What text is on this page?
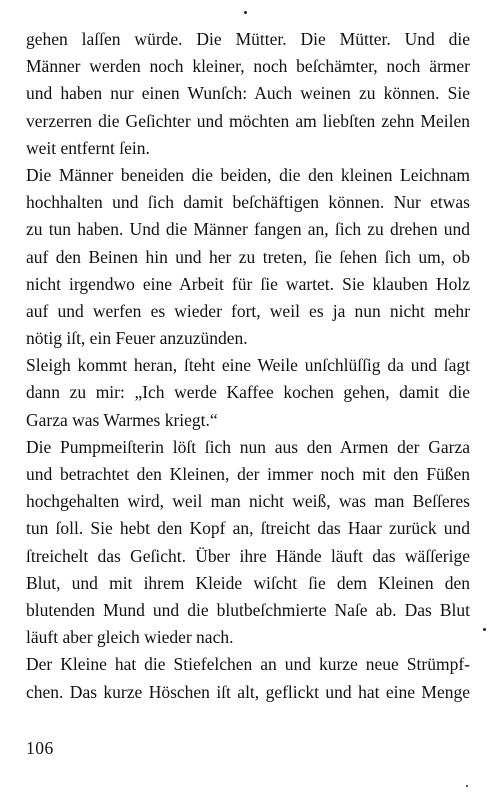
gehen laſſen würde. Die Mütter. Die Mütter. Und die
Männer werden noch kleiner, noch beſchämter, noch ärmer
und haben nur einen Wunſch: Auch weinen zu können. Sie
verzerren die Geſichter und möchten am liebſten zehn Meilen
weit entfernt ſein.
Die Männer beneiden die beiden, die den kleinen Leichnam
hochhalten und ſich damit beſchäftigen können. Nur etwas
zu tun haben. Und die Männer fangen an, ſich zu drehen und
auf den Beinen hin und her zu treten, ſie ſehen ſich um, ob
nicht irgendwo eine Arbeit für ſie wartet. Sie klauben Holz
auf und werfen es wieder fort, weil es ja nun nicht mehr
nötig iſt, ein Feuer anzuzünden.
Sleigh kommt heran, ſteht eine Weile unſchlüſſig da und ſagt
dann zu mir: „Ich werde Kaffee kochen gehen, damit die
Garza was Warmes kriegt.“
Die Pumpmeiſterin löſt ſich nun aus den Armen der Garza
und betrachtet den Kleinen, der immer noch mit den Füßen
hochgehalten wird, weil man nicht weiß, was man Beſſeres
tun ſoll. Sie hebt den Kopf an, ſtreicht das Haar zurück und
ſtreichelt das Geſicht. Über ihre Hände läuft das wäſſerige
Blut, und mit ihrem Kleide wiſcht ſie dem Kleinen den
blutenden Mund und die blutbeſchmierte Naſe ab. Das Blut
läuft aber gleich wieder nach.
Der Kleine hat die Stiefelchen an und kurze neue Strümpf-
chen. Das kurze Höschen iſt alt, geflickt und hat eine Menge
106
